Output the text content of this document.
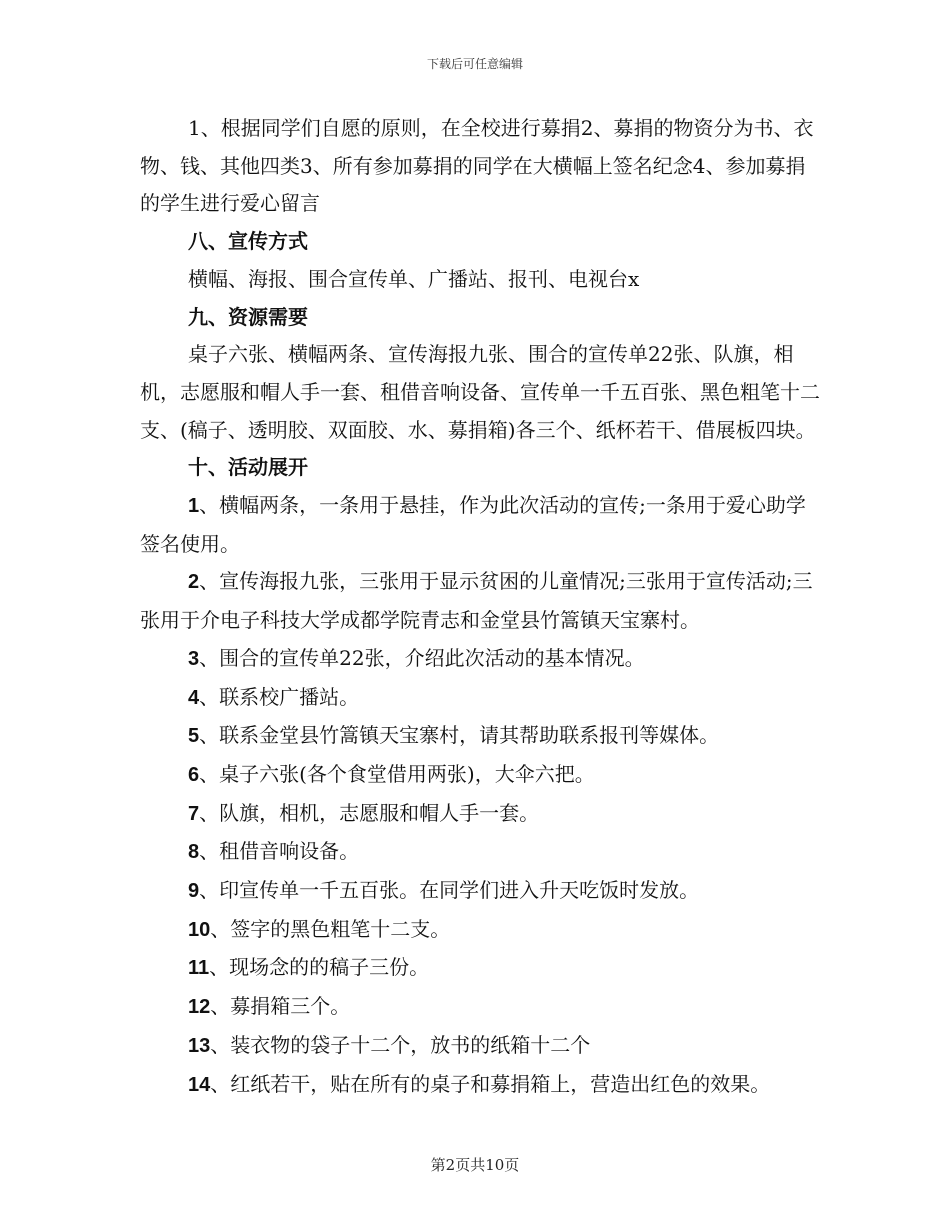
下载后可任意编辑

1、根据同学们自愿的原则，在全校进行募捐2、募捐的物资分为书、衣物、钱、其他四类3、所有参加募捐的同学在大横幅上签名纪念4、参加募捐的学生进行爱心留言

八、宣传方式

横幅、海报、围合宣传单、广播站、报刊、电视台x

九、资源需要

桌子六张、横幅两条、宣传海报九张、围合的宣传单22张、队旗，相机，志愿服和帽人手一套、租借音响设备、宣传单一千五百张、黑色粗笔十二支、(稿子、透明胶、双面胶、水、募捐箱)各三个、纸杯若干、借展板四块。

十、活动展开

1、横幅两条，一条用于悬挂，作为此次活动的宣传;一条用于爱心助学签名使用。

2、宣传海报九张，三张用于显示贫困的儿童情况;三张用于宣传活动;三张用于介电子科技大学成都学院青志和金堂县竹篙镇天宝寨村。

3、围合的宣传单22张，介绍此次活动的基本情况。

4、联系校广播站。

5、联系金堂县竹篙镇天宝寨村，请其帮助联系报刊等媒体。

6、桌子六张(各个食堂借用两张)，大伞六把。

7、队旗，相机，志愿服和帽人手一套。

8、租借音响设备。

9、印宣传单一千五百张。在同学们进入升天吃饭时发放。

10、签字的黑色粗笔十二支。

11、现场念的的稿子三份。

12、募捐箱三个。

13、装衣物的袋子十二个，放书的纸箱十二个

14、红纸若干，贴在所有的桌子和募捐箱上，营造出红色的效果。

第2页共10页
